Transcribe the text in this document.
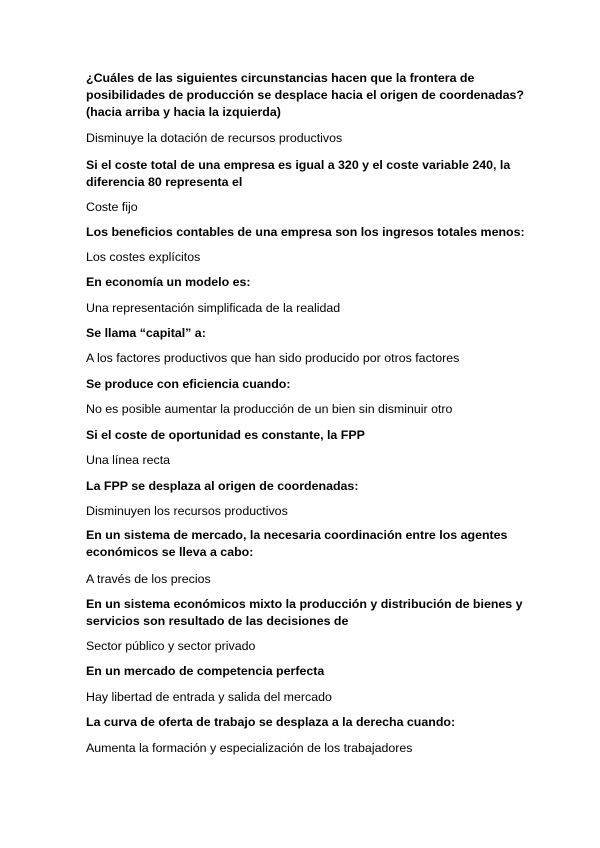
¿Cuáles de las siguientes circunstancias hacen que la frontera de posibilidades de producción se desplace hacia el origen de coordenadas? (hacia arriba y hacia la izquierda)
Disminuye la dotación de recursos productivos
Si el coste total de una empresa es igual a 320 y el coste variable 240, la diferencia 80 representa el
Coste fijo
Los beneficios contables de una empresa son los ingresos totales menos:
Los costes explícitos
En economía un modelo es:
Una representación simplificada de la realidad
Se llama “capital” a:
A los factores productivos que han sido producido por otros factores
Se produce con eficiencia cuando:
No es posible aumentar la producción de un bien sin disminuir otro
Si el coste de oportunidad es constante, la FPP
Una línea recta
La FPP se desplaza al origen de coordenadas:
Disminuyen los recursos productivos
En un sistema de mercado, la necesaria coordinación entre los agentes económicos se lleva a cabo:
A través de los precios
En un sistema económicos mixto la producción y distribución de bienes y servicios son resultado de las decisiones de
Sector público y sector privado
En un mercado de competencia perfecta
Hay libertad de entrada y salida del mercado
La curva de oferta de trabajo se desplaza a la derecha cuando:
Aumenta la formación y especialización de los trabajadores
